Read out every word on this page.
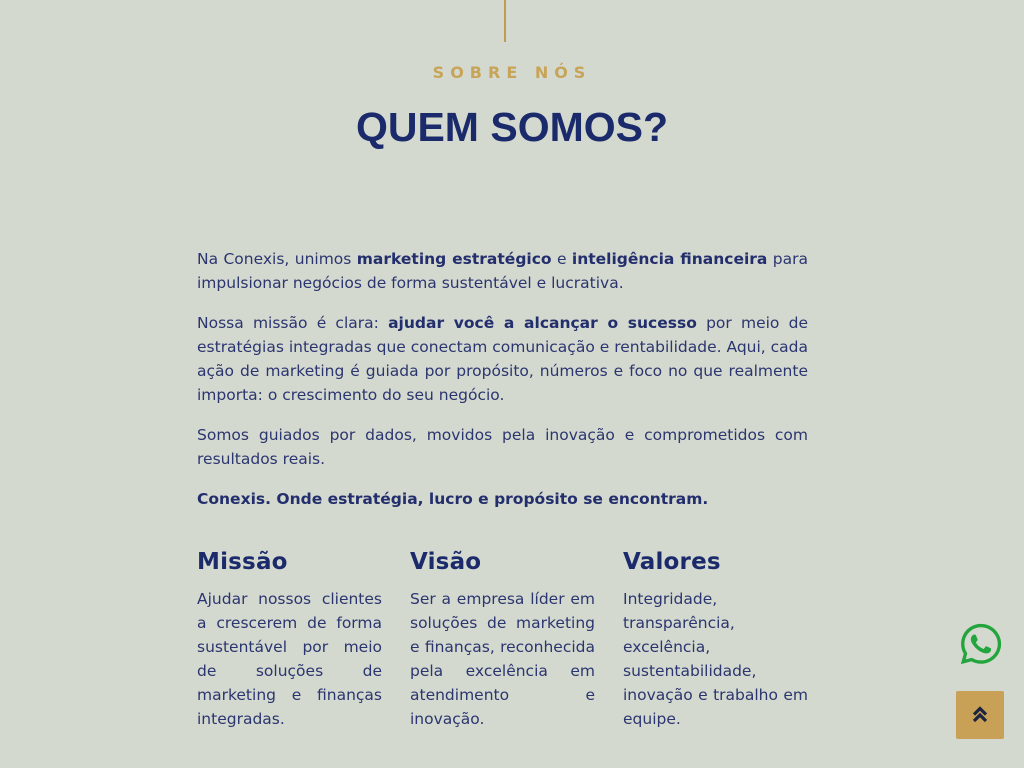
SOBRE NÓS
QUEM SOMOS?

Na Conexis, unimos marketing estratégico e inteligência financeira para impulsionar negócios de forma sustentável e lucrativa.

Nossa missão é clara: ajudar você a alcançar o sucesso por meio de estratégias integradas que conectam comunicação e rentabilidade. Aqui, cada ação de marketing é guiada por propósito, números e foco no que realmente importa: o crescimento do seu negócio.

Somos guiados por dados, movidos pela inovação e comprometidos com resultados reais.

Conexis. Onde estratégia, lucro e propósito se encontram.

Missão

Ajudar nossos clientes a crescerem de forma sustentável por meio de soluções de marketing e finanças integradas.

Visão

Ser a empresa líder em soluções de marketing e finanças, reconhecida pela excelência em atendimento e inovação.

Valores

Integridade, transparência, excelência, sustentabilidade, inovação e trabalho em equipe.
